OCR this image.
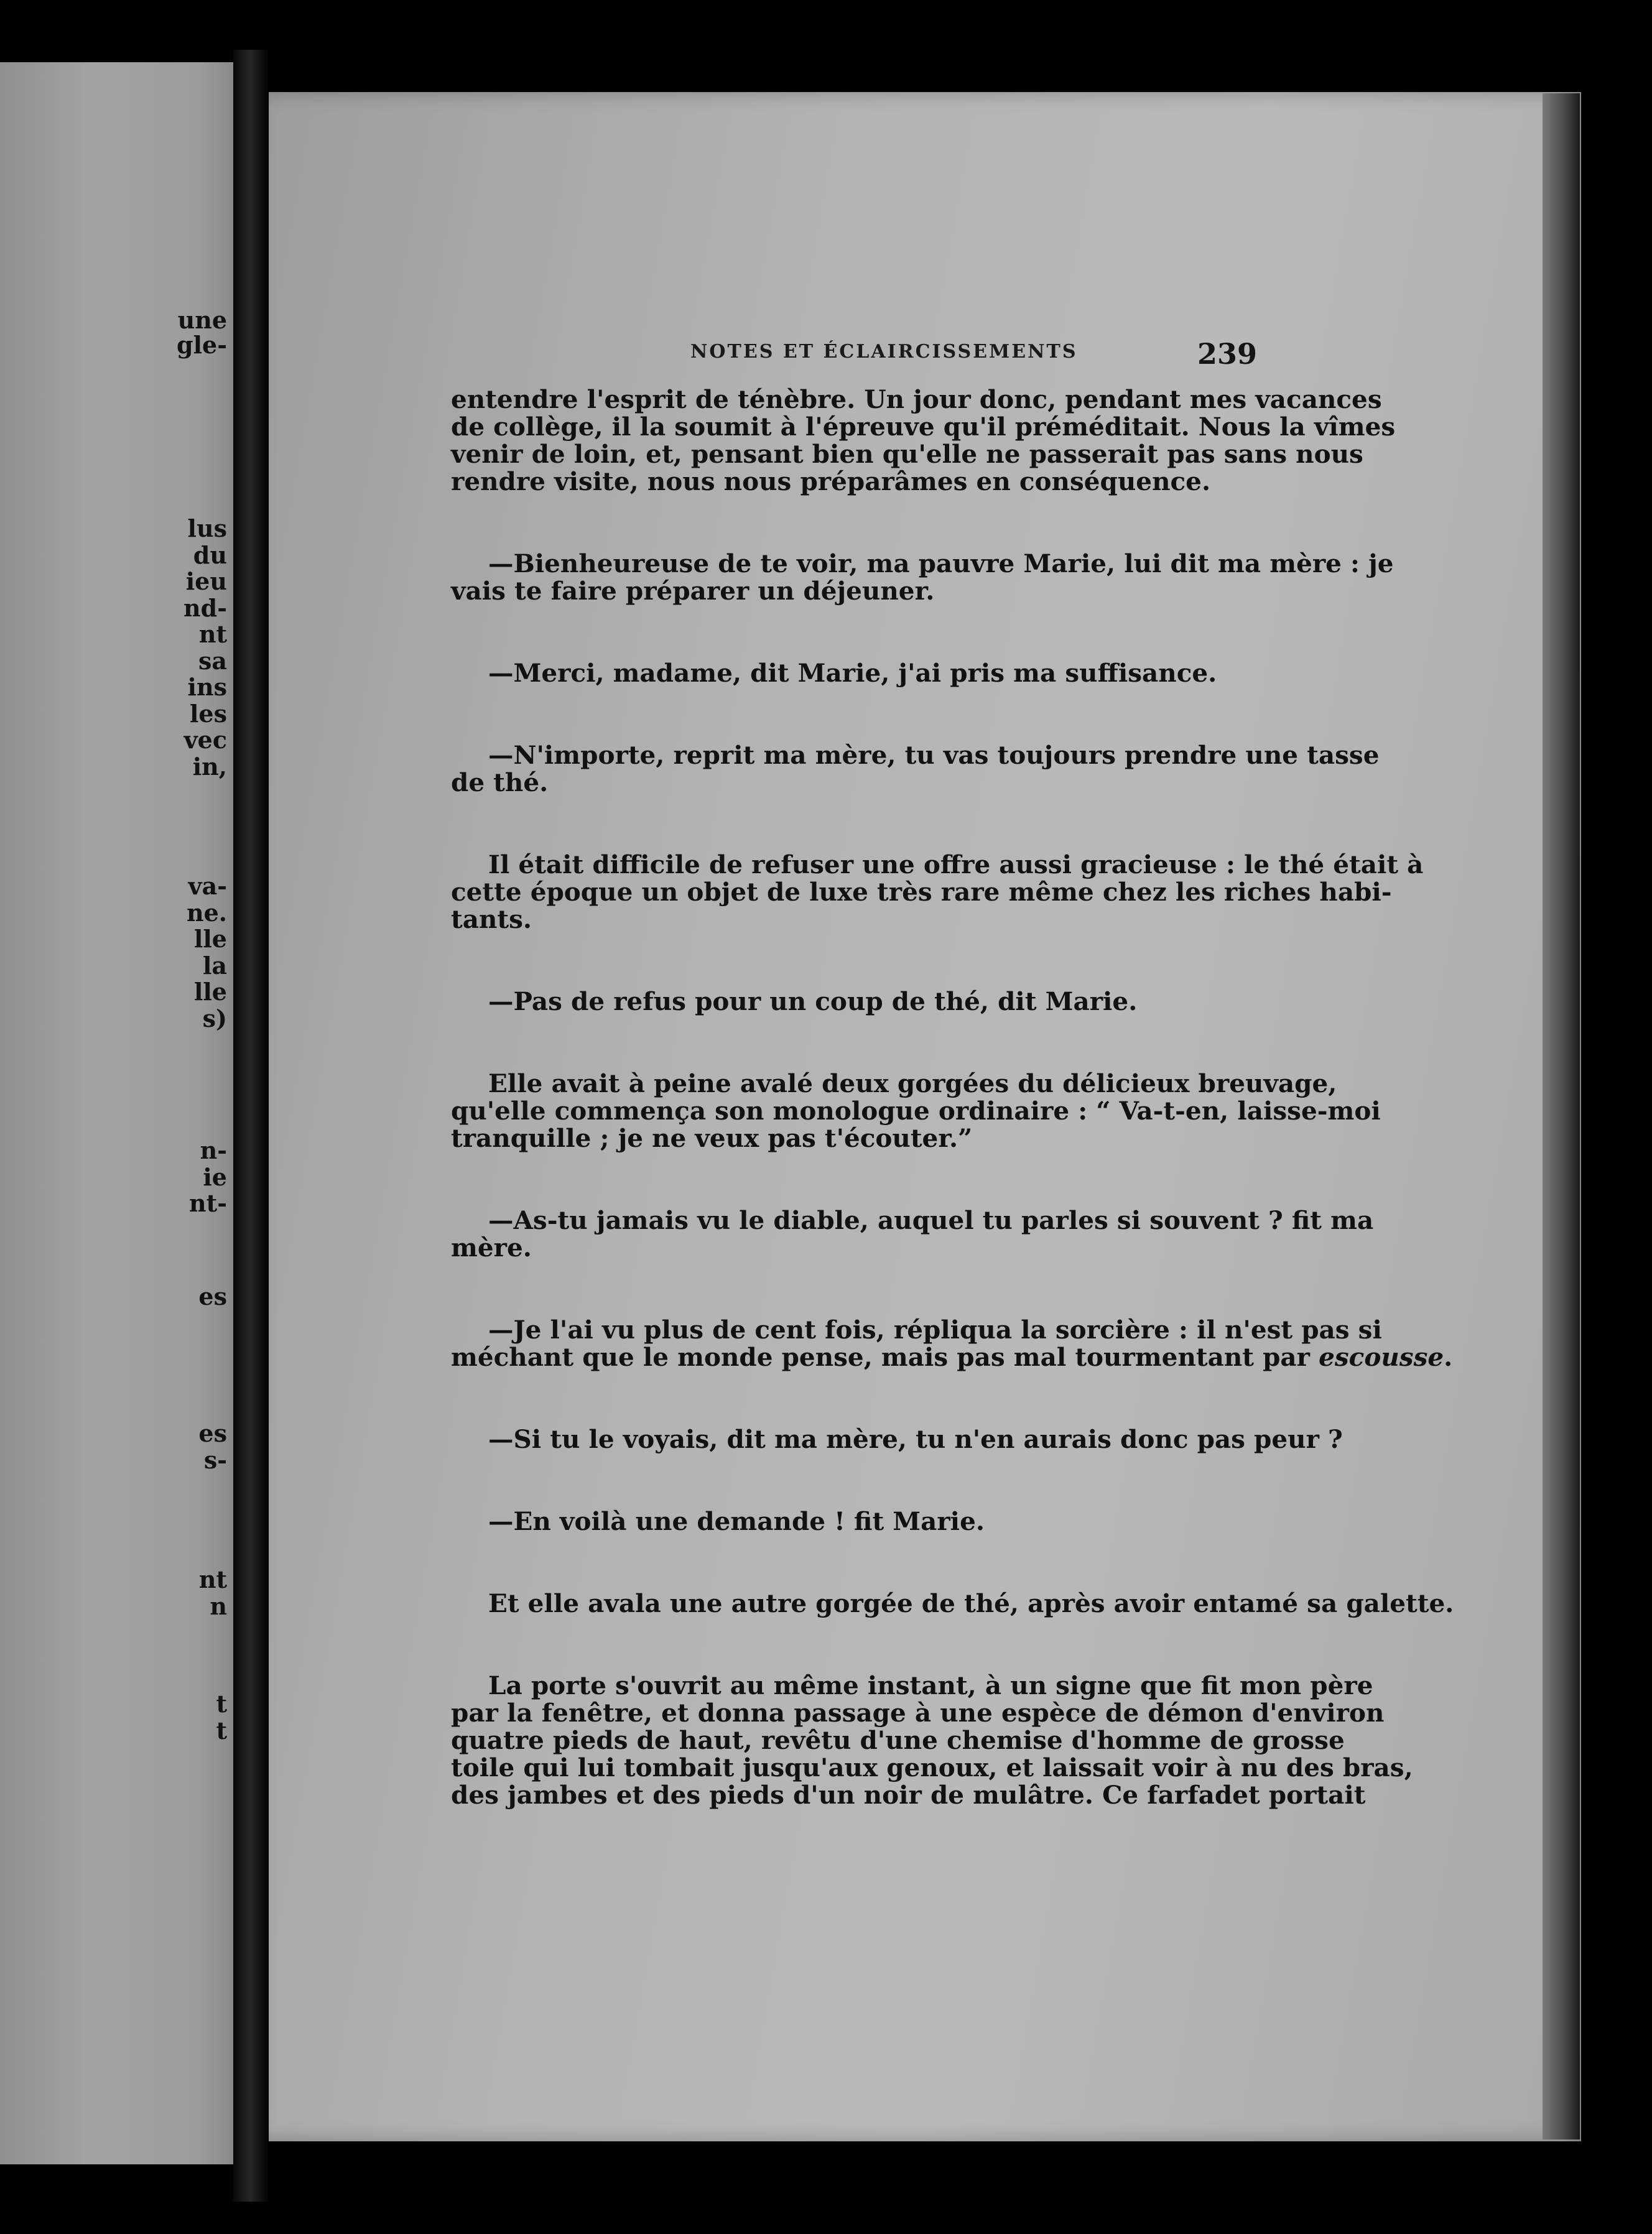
une
gle-
lus
du
ieu
nd-
nt
sa
ins
les
vec
in,
va-
ne.
lle
la
lle
s)
n-
ie
nt-
es
es
s-
nt
n
t
t
NOTES ET ÉCLAIRCISSEMENTS	239

entendre l'esprit de ténèbre. Un jour donc, pendant mes vacances
de collège, il la soumit à l'épreuve qu'il préméditait. Nous la vîmes
venir de loin, et, pensant bien qu'elle ne passerait pas sans nous
rendre visite, nous nous préparâmes en conséquence.

—Bienheureuse de te voir, ma pauvre Marie, lui dit ma mère : je
vais te faire préparer un déjeuner.

—Merci, madame, dit Marie, j'ai pris ma suffisance.

—N'importe, reprit ma mère, tu vas toujours prendre une tasse
de thé.

Il était difficile de refuser une offre aussi gracieuse : le thé était à
cette époque un objet de luxe très rare même chez les riches habi-
tants.

—Pas de refus pour un coup de thé, dit Marie.

Elle avait à peine avalé deux gorgées du délicieux breuvage,
qu'elle commença son monologue ordinaire : “ Va-t-en, laisse-moi
tranquille ; je ne veux pas t'écouter.”

—As-tu jamais vu le diable, auquel tu parles si souvent ? fit ma
mère.

—Je l'ai vu plus de cent fois, répliqua la sorcière : il n'est pas si
méchant que le monde pense, mais pas mal tourmentant par escousse.

—Si tu le voyais, dit ma mère, tu n'en aurais donc pas peur ?

—En voilà une demande ! fit Marie.

Et elle avala une autre gorgée de thé, après avoir entamé sa galette.

La porte s'ouvrit au même instant, à un signe que fit mon père
par la fenêtre, et donna passage à une espèce de démon d'environ
quatre pieds de haut, revêtu d'une chemise d'homme de grosse
toile qui lui tombait jusqu'aux genoux, et laissait voir à nu des bras,
des jambes et des pieds d'un noir de mulâtre. Ce farfadet portait
